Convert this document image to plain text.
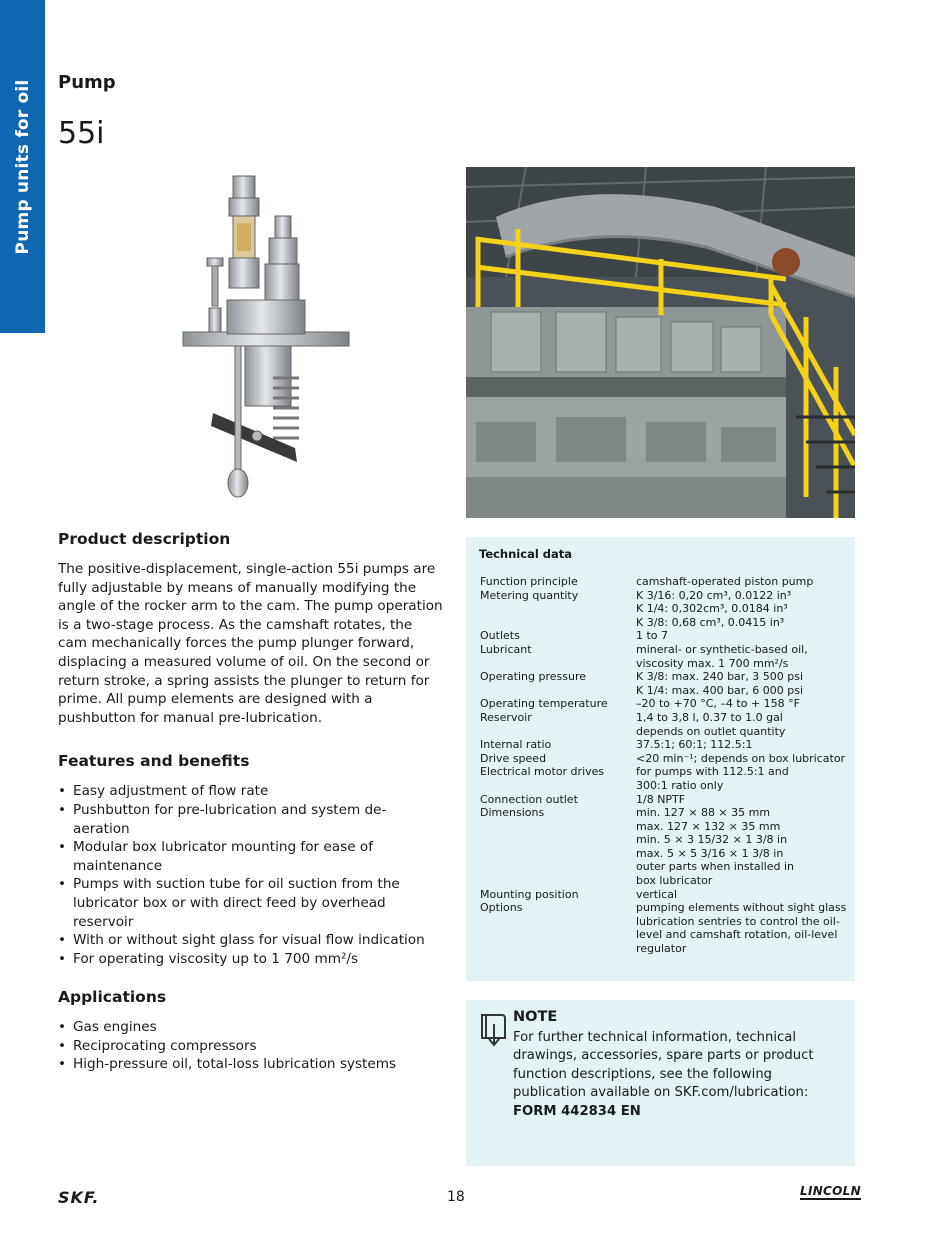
Pump units for oil Pump
55i
Product description

The positive-displacement, single-action 55i pumps are fully adjustable by means of manually modifying the angle of the rocker arm to the cam. The pump operation is a two-stage process. As the camshaft rotates, the cam mechanically forces the pump plunger forward, displacing a measured volume of oil. On the second or return stroke, a spring assists the plunger to return for prime. All pump elements are designed with a pushbutton for manual pre-lubrication.

Features and benefits
• Easy adjustment of flow rate
• Pushbutton for pre-lubrication and system de-aeration
• Modular box lubricator mounting for ease of maintenance
• Pumps with suction tube for oil suction from the lubricator box or with direct feed by overhead reservoir
• With or without sight glass for visual flow indication
• For operating viscosity up to 1 700 mm²/s
Applications
• Gas engines
• Reciprocating compressors
• High-pressure oil, total-loss lubrication systems
Technical data
Function principle	camshaft-operated piston pump
Metering quantity	K 3/16: 0,20 cm³, 0.0122 in³
K 1/4: 0,302cm³, 0.0184 in³
K 3/8: 0,68 cm³, 0.0415 in³
Outlets	1 to 7
Lubricant	mineral- or synthetic-based oil,
viscosity max. 1 700 mm²/s
Operating pressure	K 3/8: max. 240 bar, 3 500 psi
K 1/4: max. 400 bar, 6 000 psi
Operating temperature	–20 to +70 °C, –4 to + 158 °F
Reservoir	1,4 to 3,8 l, 0.37 to 1.0 gal
depends on outlet quantity
Internal ratio	37.5:1; 60:1; 112.5:1
Drive speed	<20 min⁻¹; depends on box lubricator
Electrical motor drives	for pumps with 112.5:1 and
300:1 ratio only
Connection outlet	1/8 NPTF
Dimensions	min. 127 × 88 × 35 mm
max. 127 × 132 × 35 mm
min. 5 × 3 15/32 × 1 3/8 in
max. 5 × 5 3/16 × 1 3/8 in
outer parts when installed in
box lubricator
Mounting position	vertical
Options	pumping elements without sight glass
lubrication sentries to control the oil-
level and camshaft rotation, oil-level
regulator
NOTE
For further technical information, technical drawings, accessories, spare parts or product function descriptions, see the following publication available on SKF.com/lubrication:
FORM 442834 EN
SKF.	18	LINCOLN
